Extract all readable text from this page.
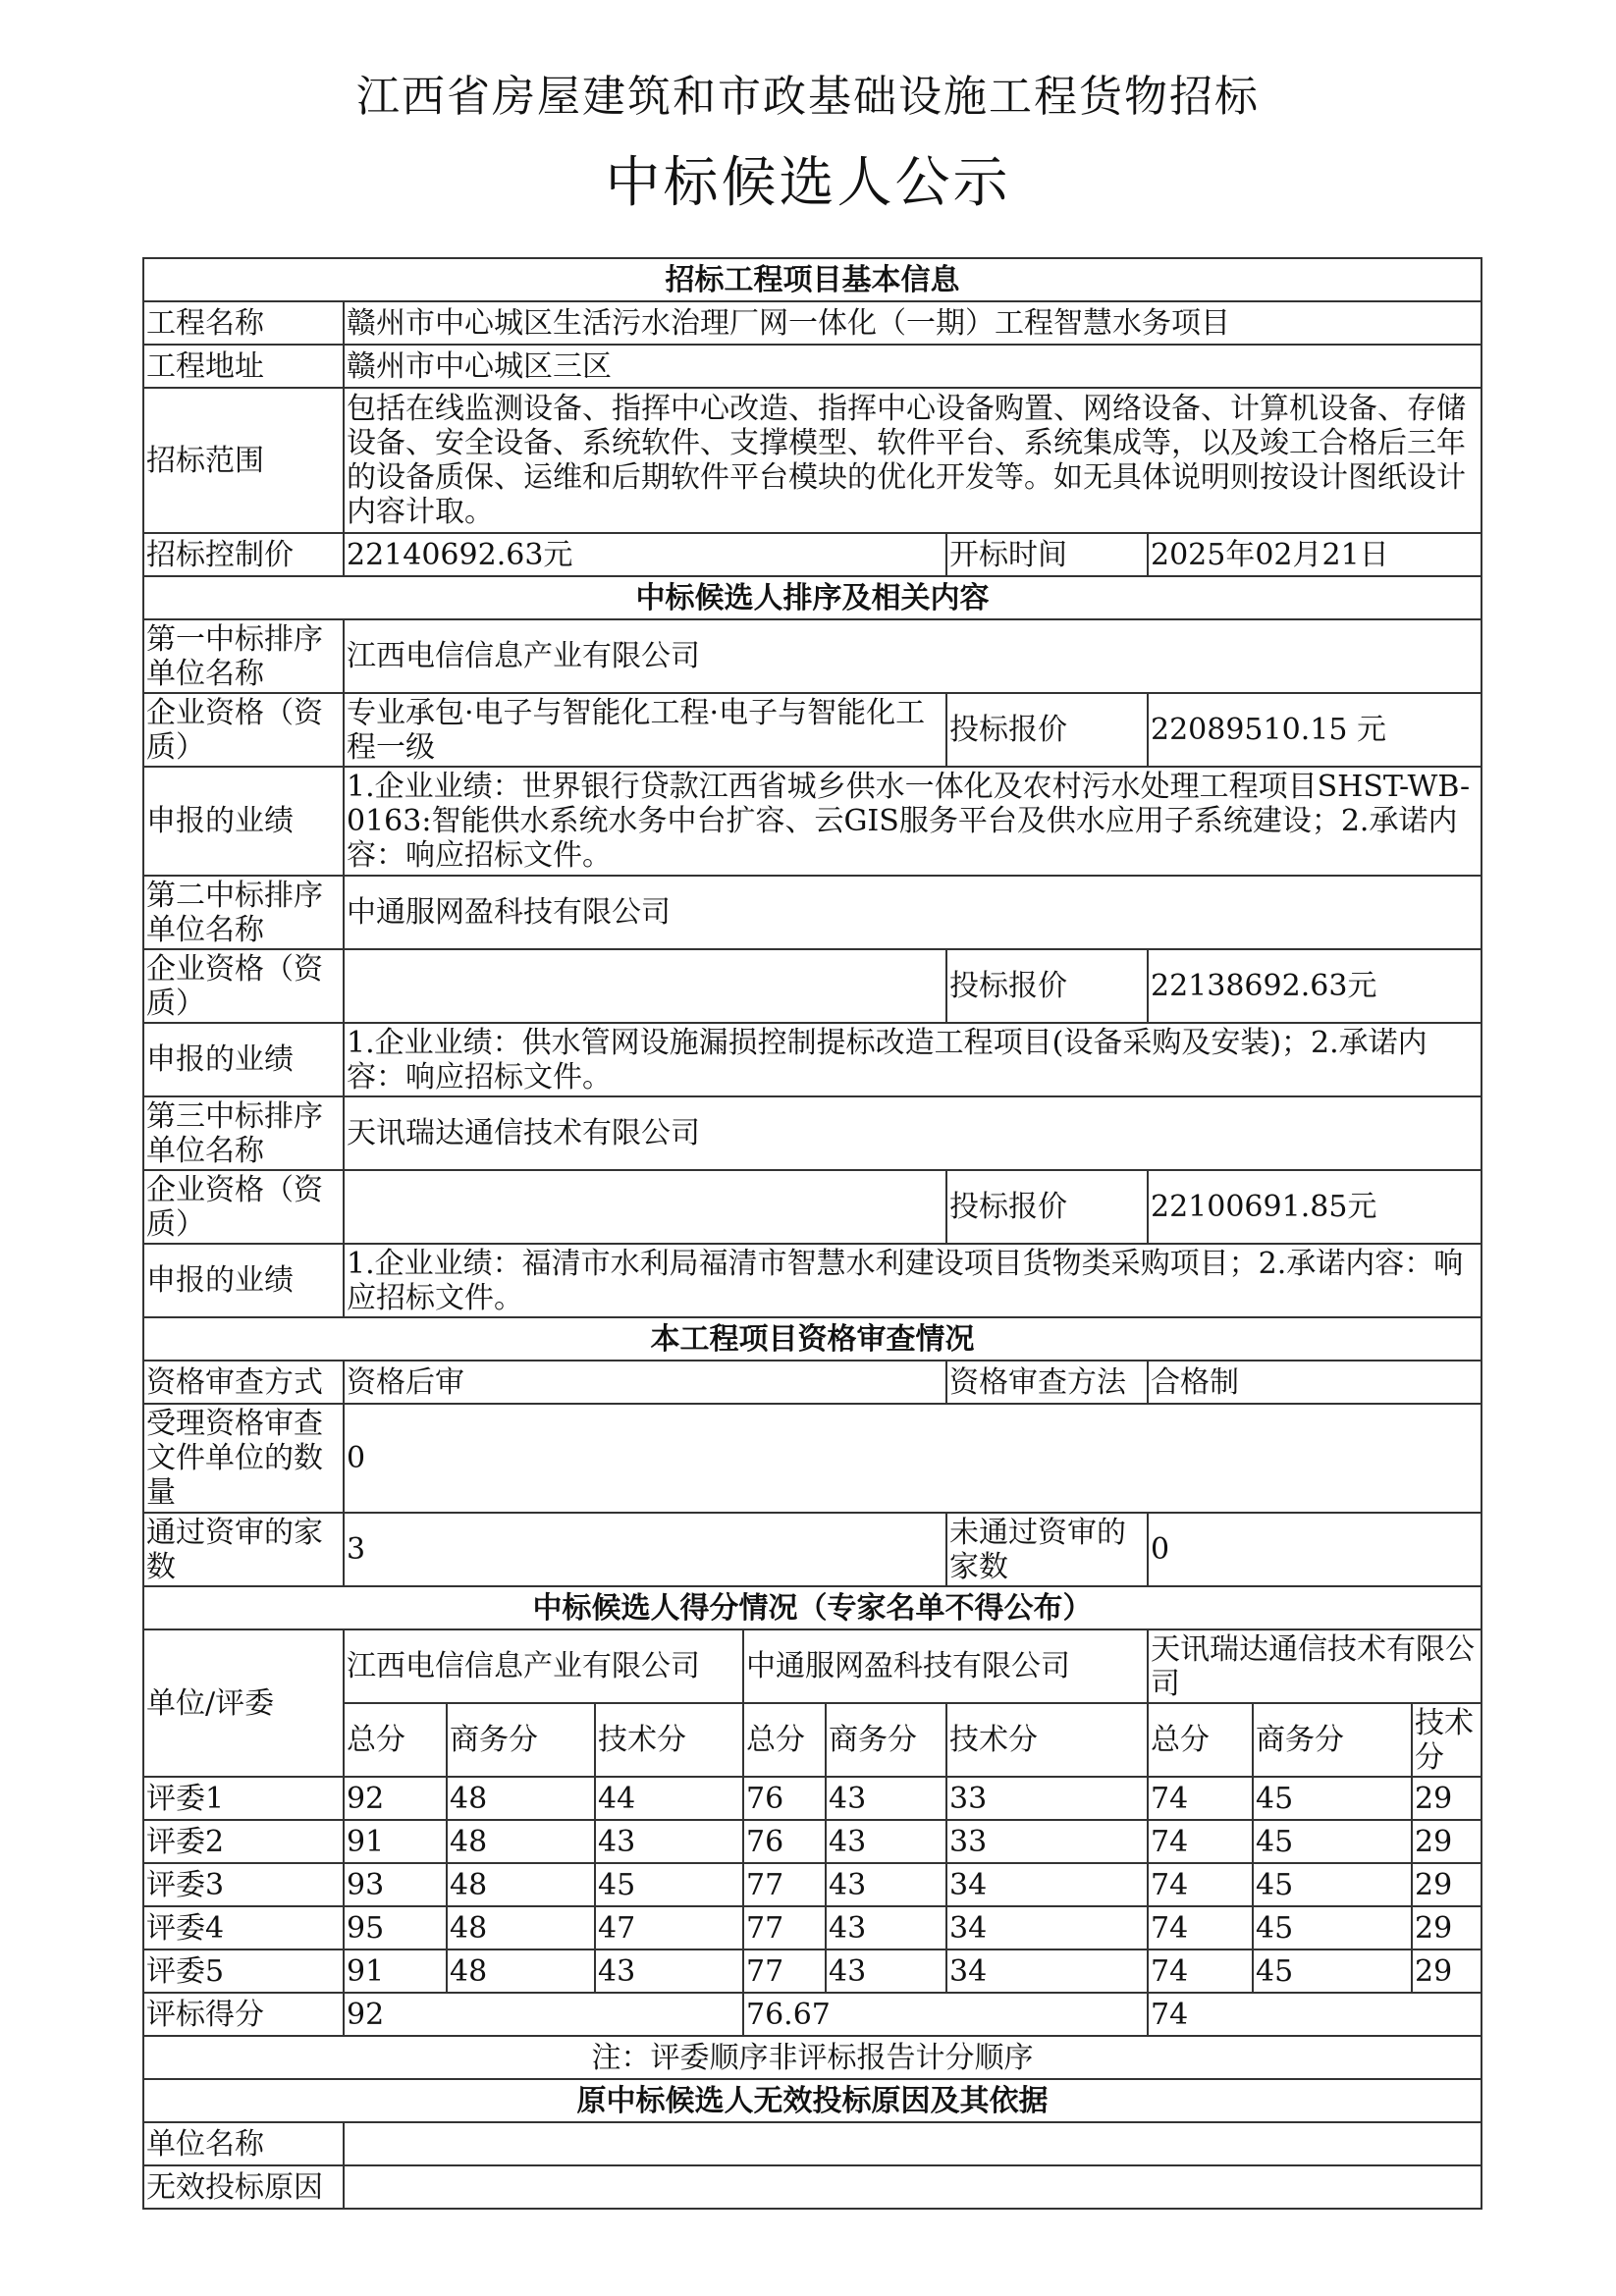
江西省房屋建筑和市政基础设施工程货物招标
中标候选人公示
招标工程项目基本信息									
工程名称	赣州市中心城区生活污水治理厂网一体化（一期）工程智慧水务项目								
工程地址	赣州市中心城区三区								
招标范围	包括在线监测设备、指挥中心改造、指挥中心设备购置、网络设备、计算机设备、存储设备、安全设备、系统软件、支撑模型、软件平台、系统集成等，以及竣工合格后三年的设备质保、运维和后期软件平台模块的优化开发等。如无具体说明则按设计图纸设计内容计取。								
招标控制价	22140692.63元					开标时间	2025年02月21日		
中标候选人排序及相关内容									
第一中标排序单位名称	江西电信信息产业有限公司								
企业资格（资质）	专业承包·电子与智能化工程·电子与智能化工程一级					投标报价	22089510.15 元		
申报的业绩	1.企业业绩：世界银行贷款江西省城乡供水一体化及农村污水处理工程项目SHST-WB-0163:智能供水系统水务中台扩容、云GIS服务平台及供水应用子系统建设；2.承诺内容：响应招标文件。								
第二中标排序单位名称	中通服网盈科技有限公司								
企业资格（资质）						投标报价	22138692.63元		
申报的业绩	1.企业业绩：供水管网设施漏损控制提标改造工程项目(设备采购及安装)；2.承诺内容：响应招标文件。								
第三中标排序单位名称	天讯瑞达通信技术有限公司								
企业资格（资质）						投标报价	22100691.85元		
申报的业绩	1.企业业绩：福清市水利局福清市智慧水利建设项目货物类采购项目；2.承诺内容：响应招标文件。								
本工程项目资格审查情况									
资格审查方式	资格后审					资格审查方法	合格制		
受理资格审查文件单位的数量	0								
通过资审的家数	3					未通过资审的家数	0		
中标候选人得分情况（专家名单不得公布）									
单位/评委	江西电信信息产业有限公司			中通服网盈科技有限公司			天讯瑞达通信技术有限公司		
	总分	商务分	技术分	总分	商务分	技术分	总分	商务分	技术分
评委1	92	48	44	76	43	33	74	45	29
评委2	91	48	43	76	43	33	74	45	29
评委3	93	48	45	77	43	34	74	45	29
评委4	95	48	47	77	43	34	74	45	29
评委5	91	48	43	77	43	34	74	45	29
评标得分	92			76.67			74		
注：评委顺序非评标报告计分顺序									
原中标候选人无效投标原因及其依据									
单位名称									
无效投标原因									
